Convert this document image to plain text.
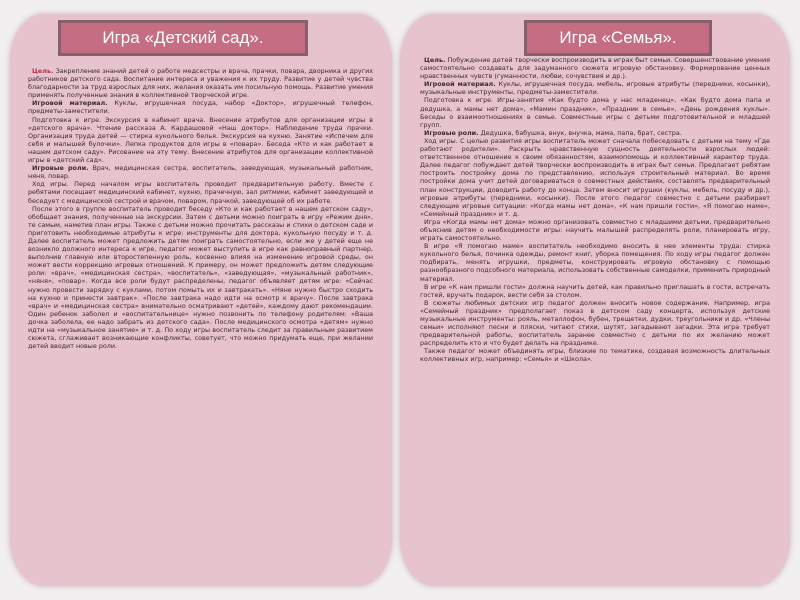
Игра «Детский сад».

Цель. Закрепление знаний детей о работе медсестры и врача, прачки, повара, дворника и других работников детского сада. Воспитание интереса и уважения к их труду. Развитие у детей чувства благодарности за труд взрослых для них, желания оказать им посильную помощь. Развитие умения применять полученные знания в коллективной творческой игре.

Игровой материал. Куклы, игрушечная посуда, набор «Доктор», игрушечный телефон, предметы-заместители.

Подготовка к игре. Экскурсия в кабинет врача. Внесение атрибутов для организации игры в «детского врача». Чтение рассказа А. Кардашовой «Наш доктор». Наблюдение труда прачки. Организация труда детей — стирка кукольного белья. Экскурсия на кухню. Занятие «Испечем для себя и малышей булочки». Лепка продуктов для игры в «повара». Беседа «Кто и как работает в нашем детском саду». Рисование на эту тему. Внесение атрибутов для организации коллективной игры в «детский сад».

Игровые роли. Врач, медицинская сестра, воспитатель, заведующая, музыкальный работник, няня, повар.

Ход игры. Перед началом игры воспитатель проводит предварительную работу. Вместе с ребятами посещает медицинский кабинет, кухню, прачечную, зал ритмики, кабинет заведующей и беседует с медицинской сестрой и врачом, поваром, прачкой, заведующей об их работе.

После этого в группе воспитатель проводит беседу «Кто и как работает в нашем детском саду», обобщает знания, полученные на экскурсии. Затем с детьми можно поиграть в игру «Режим дня», те самым, наметив план игры. Также с детьми можно прочитать рассказы и стихи о детском саде и приготовить необходимые атрибуты к игре: инструменты для доктора, кукольную посуду и т. д. Далее воспитатель может предложить детям поиграть самостоятельно, если же у детей еще не возникло должного интереса к игре, педагог может выступить в игре как равноправный партнер, выполнив главную или второстепенную роль, косвенно влияя на изменение игровой среды, он может вести коррекцию игровых отношений. К примеру, он может предложить детям следующие роли: «врач», «медицинская сестра», «воспитатель», «заведующая», «музыкальный работник», «няня», «повар». Когда все роли будут распределены, педагог объявляет детям игре: «Сейчас нужно провести зарядку с куклами, потом помыть их и завтракать». «Няне нужно быстро сходить на кухню и принести завтрак». «После завтрака надо идти на осмотр к врачу». После завтрака «врач» и «медицинская сестра» внимательно осматривают «детей», каждому дают рекомендации. Один ребенок заболел и «воспитательнице» нужно позвонить по телефону родителям: «Ваша дочка заболела, ее надо забрать из детского сада». После медицинского осмотра «детям» нужно идти на «музыкальное занятие» и т. д. По ходу игры воспитатель следит за правильным развитием сюжета, сглаживает возникающие конфликты, советует, что можно придумать еще, при желании детей вводит новые роли.

Игра «Семья».

Цель. Побуждение детей творчески воспроизводить в играх быт семьи. Совершенствование умения самостоятельно создавать для задуманного сюжета игровую обстановку. Формирование ценных нравственных чувств (гуманности, любви, сочувствия и др.).

Игровой материал. Куклы, игрушечная посуда, мебель, игровые атрибуты (передники, косынки), музыкальные инструменты, предметы-заместители.

Подготовка к игре. Игры-занятия «Как будто дома у нас младенец», «Как будто дома папа и дедушка, а мамы нет дома», «Мамин праздник», «Праздник в семье», «День рождения куклы». Беседы о взаимоотношениях в семье. Совместные игры с детьми подготовительной и младшей групп.

Игровые роли. Дедушка, бабушка, внук, внучка, мама, папа, брат, сестра.

Ход игры. С целью развития игры воспитатель может сначала побеседовать с детьми на тему «Где работают родители». Раскрыть нравственную сущность деятельности взрослых людей: ответственное отношение к своим обязанностям, взаимопомощь и коллективный характер труда. Далее педагог побуждает детей творчески воспроизводить в играх быт семьи. Предлагает ребятам построить постройку дома по представлению, используя строительный материал. Во время постройки дома учит детей договариваться о совместных действиях, составлять предварительный план конструкции, доводить работу до конца. Затем вносит игрушки (куклы, мебель, посуду и др.), игровые атрибуты (передники, косынки). После этого педагог совместно с детьми разбирает следующие игровые ситуации: «Когда мамы нет дома», «К нам пришли гости», «Я помогаю маме», «Семейный праздник» и т. д.

Игра «Когда мамы нет дома» можно организовать совместно с младшими детьми, предварительно объяснив детям о необходимости игры: научить малышей распределять роли, планировать игру, играть самостоятельно.

В игре «Я помогаю маме» воспитатель необходимо вносить в нее элементы труда: стирка кукольного белья, починка одежды, ремонт книг, уборка помещения. По ходу игры педагог должен подбирать, менять игрушки, предметы, конструировать игровую обстановку с помощью разнообразного подсобного материала, использовать собственные самоделки, применить природный материал.

В игре «К нам пришли гости» должна научить детей, как правильно приглашать в гости, встречать гостей, вручать подарок, вести себя за столом.

В сюжеты любимых детских игр педагог должен вносить новое содержание. Например, игра «Семейный праздник» предполагает показ в детском саду концерта, используя детские музыкальные инструменты: рояль, металлофон, бубен, трещетки, дудки, треугольники и др. «Члены семьи» исполняют песни и пляски, читают стихи, шутят, загадывают загадки. Эта игра требует предварительной работы, воспитатель заранее совместно с детьми по их желанию может распределить кто и что будет делать на празднике.

Также педагог может объединять игры, близкие по тематике, создавая возможность длительных коллективных игр, например: «Семья» и «Школа».
